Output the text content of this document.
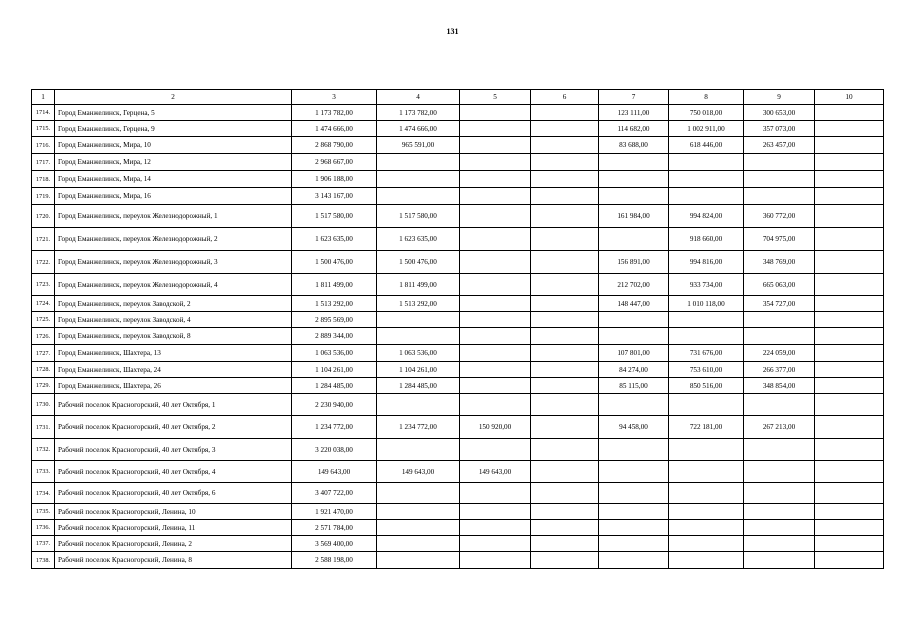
131
1	2	3	4	5	6	7	8	9	10
1714.	Город Еманжелинск, Герцена, 5	1 173 782,00	1 173 782,00			123 111,00	750 018,00	300 653,00	
1715.	Город Еманжелинск, Герцена, 9	1 474 666,00	1 474 666,00			114 682,00	1 002 911,00	357 073,00	
1716.	Город Еманжелинск, Мира, 10	2 868 790,00	965 591,00			83 688,00	618 446,00	263 457,00	
1717.	Город Еманжелинск, Мира, 12	2 968 667,00							
1718.	Город Еманжелинск, Мира, 14	1 906 188,00							
1719.	Город Еманжелинск, Мира, 16	3 143 167,00							
1720.	Город Еманжелинск, переулок Железнодорожный, 1	1 517 580,00	1 517 580,00			161 984,00	994 824,00	360 772,00	
1721.	Город Еманжелинск, переулок Железнодорожный, 2	1 623 635,00	1 623 635,00				918 660,00	704 975,00	
1722.	Город Еманжелинск, переулок Железнодорожный, 3	1 500 476,00	1 500 476,00			156 891,00	994 816,00	348 769,00	
1723.	Город Еманжелинск, переулок Железнодорожный, 4	1 811 499,00	1 811 499,00			212 702,00	933 734,00	665 063,00	
1724.	Город Еманжелинск, переулок Заводской, 2	1 513 292,00	1 513 292,00			148 447,00	1 010 118,00	354 727,00	
1725.	Город Еманжелинск, переулок Заводской, 4	2 895 569,00							
1726.	Город Еманжелинск, переулок Заводской, 8	2 889 344,00							
1727.	Город Еманжелинск, Шахтера, 13	1 063 536,00	1 063 536,00			107 801,00	731 676,00	224 059,00	
1728.	Город Еманжелинск, Шахтера, 24	1 104 261,00	1 104 261,00			84 274,00	753 610,00	266 377,00	
1729.	Город Еманжелинск, Шахтера, 26	1 284 485,00	1 284 485,00			85 115,00	850 516,00	348 854,00	
1730.	Рабочий поселок Красногорский, 40 лет Октября, 1	2 230 940,00							
1731.	Рабочий поселок Красногорский, 40 лет Октября, 2	1 234 772,00	1 234 772,00	150 920,00		94 458,00	722 181,00	267 213,00	
1732.	Рабочий поселок Красногорский, 40 лет Октября, 3	3 220 038,00							
1733.	Рабочий поселок Красногорский, 40 лет Октября, 4	149 643,00	149 643,00	149 643,00					
1734.	Рабочий поселок Красногорский, 40 лет Октября, 6	3 407 722,00							
1735.	Рабочий поселок Красногорский, Ленина, 10	1 921 470,00							
1736.	Рабочий поселок Красногорский, Ленина, 11	2 571 784,00							
1737.	Рабочий поселок Красногорский, Ленина, 2	3 569 400,00							
1738.	Рабочий поселок Красногорский, Ленина, 8	2 588 198,00							
